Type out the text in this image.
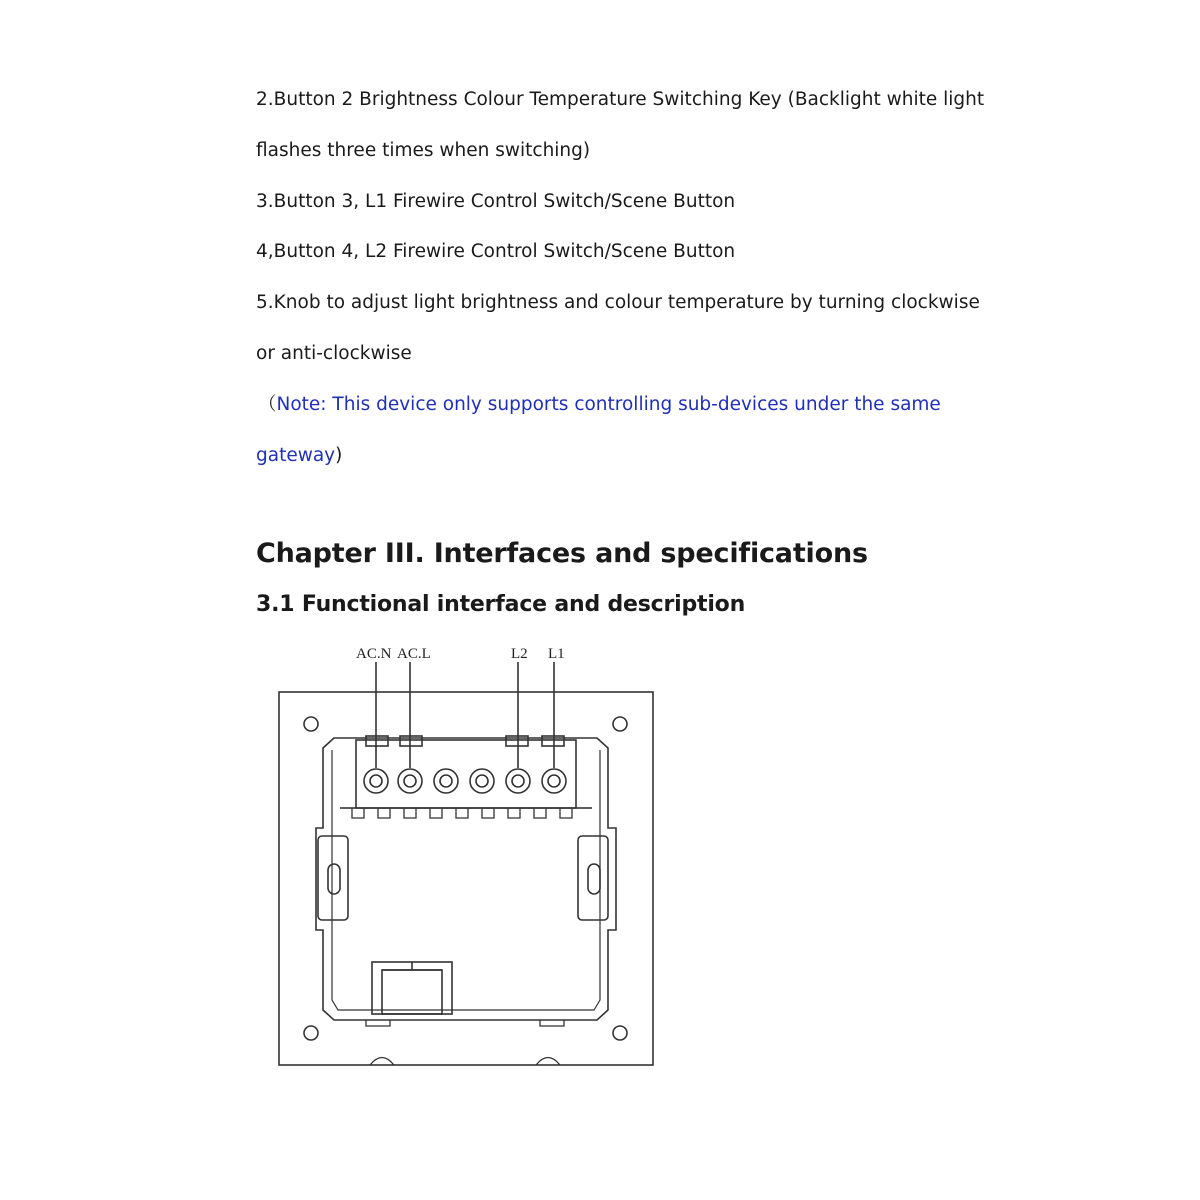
2.Button 2 Brightness Colour Temperature Switching Key (Backlight white light
flashes three times when switching)
3.Button 3, L1 Firewire Control Switch/Scene Button
4,Button 4, L2 Firewire Control Switch/Scene Button
5.Knob to adjust light brightness and colour temperature by turning clockwise
or anti-clockwise
（Note: This device only supports controlling sub-devices under the same
gateway)
Chapter III. Interfaces and specifications
3.1 Functional interface and description
AC.N AC.L	L2 L1
